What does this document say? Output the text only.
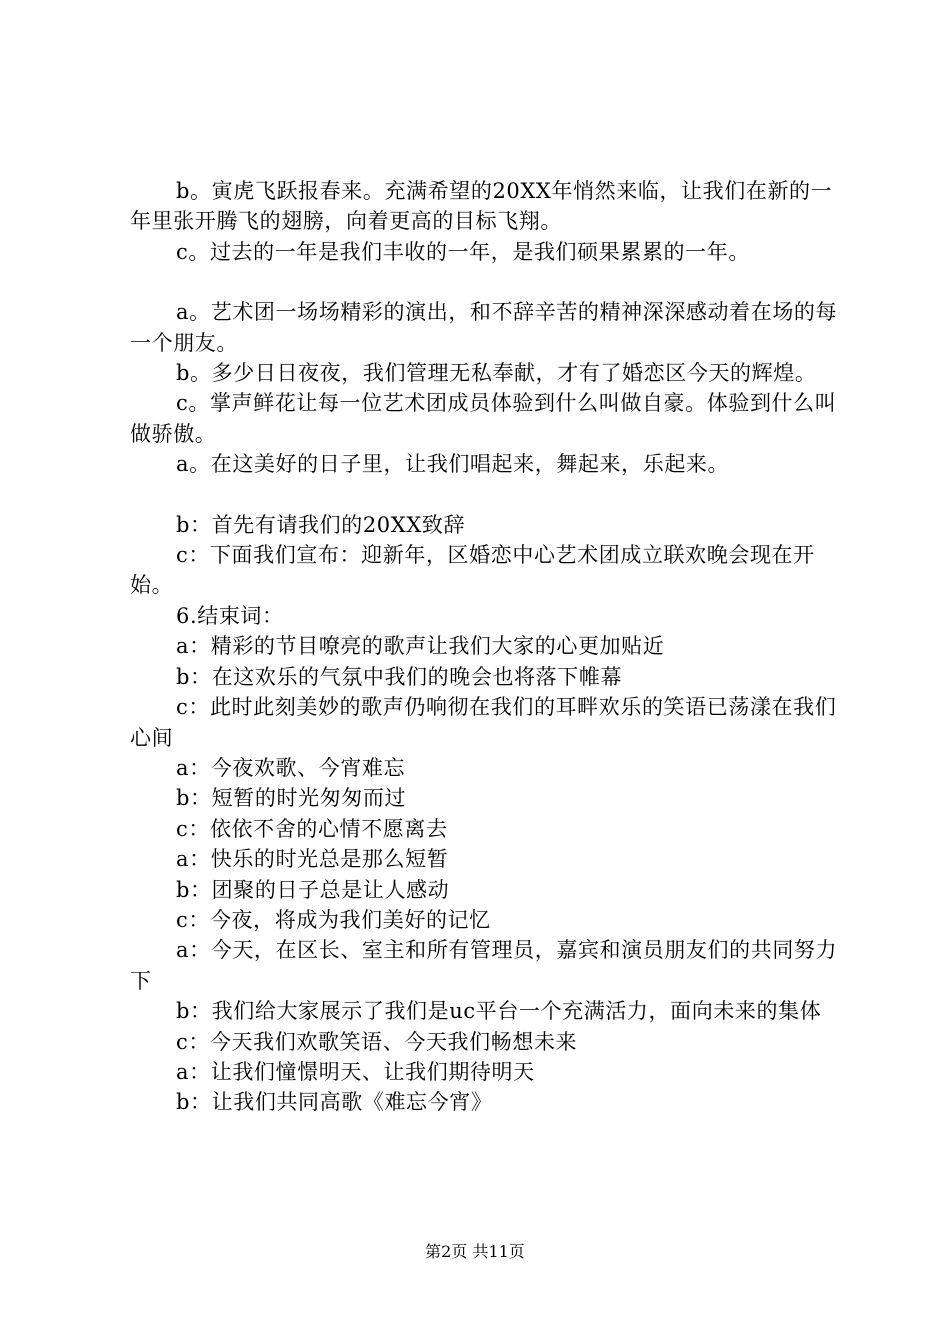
b。寅虎飞跃报春来。充满希望的20XX年悄然来临，让我们在新的一年里张开腾飞的翅膀，向着更高的目标飞翔。

c。过去的一年是我们丰收的一年，是我们硕果累累的一年。

a。艺术团一场场精彩的演出，和不辞辛苦的精神深深感动着在场的每一个朋友。

b。多少日日夜夜，我们管理无私奉献，才有了婚恋区今天的辉煌。

c。掌声鲜花让每一位艺术团成员体验到什么叫做自豪。体验到什么叫做骄傲。

a。在这美好的日子里，让我们唱起来，舞起来，乐起来。

b：首先有请我们的20XX致辞

c：下面我们宣布：迎新年，区婚恋中心艺术团成立联欢晚会现在开始。

6.结束词：

a：精彩的节目嘹亮的歌声让我们大家的心更加贴近

b：在这欢乐的气氛中我们的晚会也将落下帷幕

c：此时此刻美妙的歌声仍响彻在我们的耳畔欢乐的笑语已荡漾在我们心间

a：今夜欢歌、今宵难忘

b：短暂的时光匆匆而过

c：依依不舍的心情不愿离去

a：快乐的时光总是那么短暂

b：团聚的日子总是让人感动

c：今夜，将成为我们美好的记忆

a：今天，在区长、室主和所有管理员，嘉宾和演员朋友们的共同努力下

b：我们给大家展示了我们是uc平台一个充满活力，面向未来的集体

c：今天我们欢歌笑语、今天我们畅想未来

a：让我们憧憬明天、让我们期待明天

b：让我们共同高歌《难忘今宵》

第2页 共11页
